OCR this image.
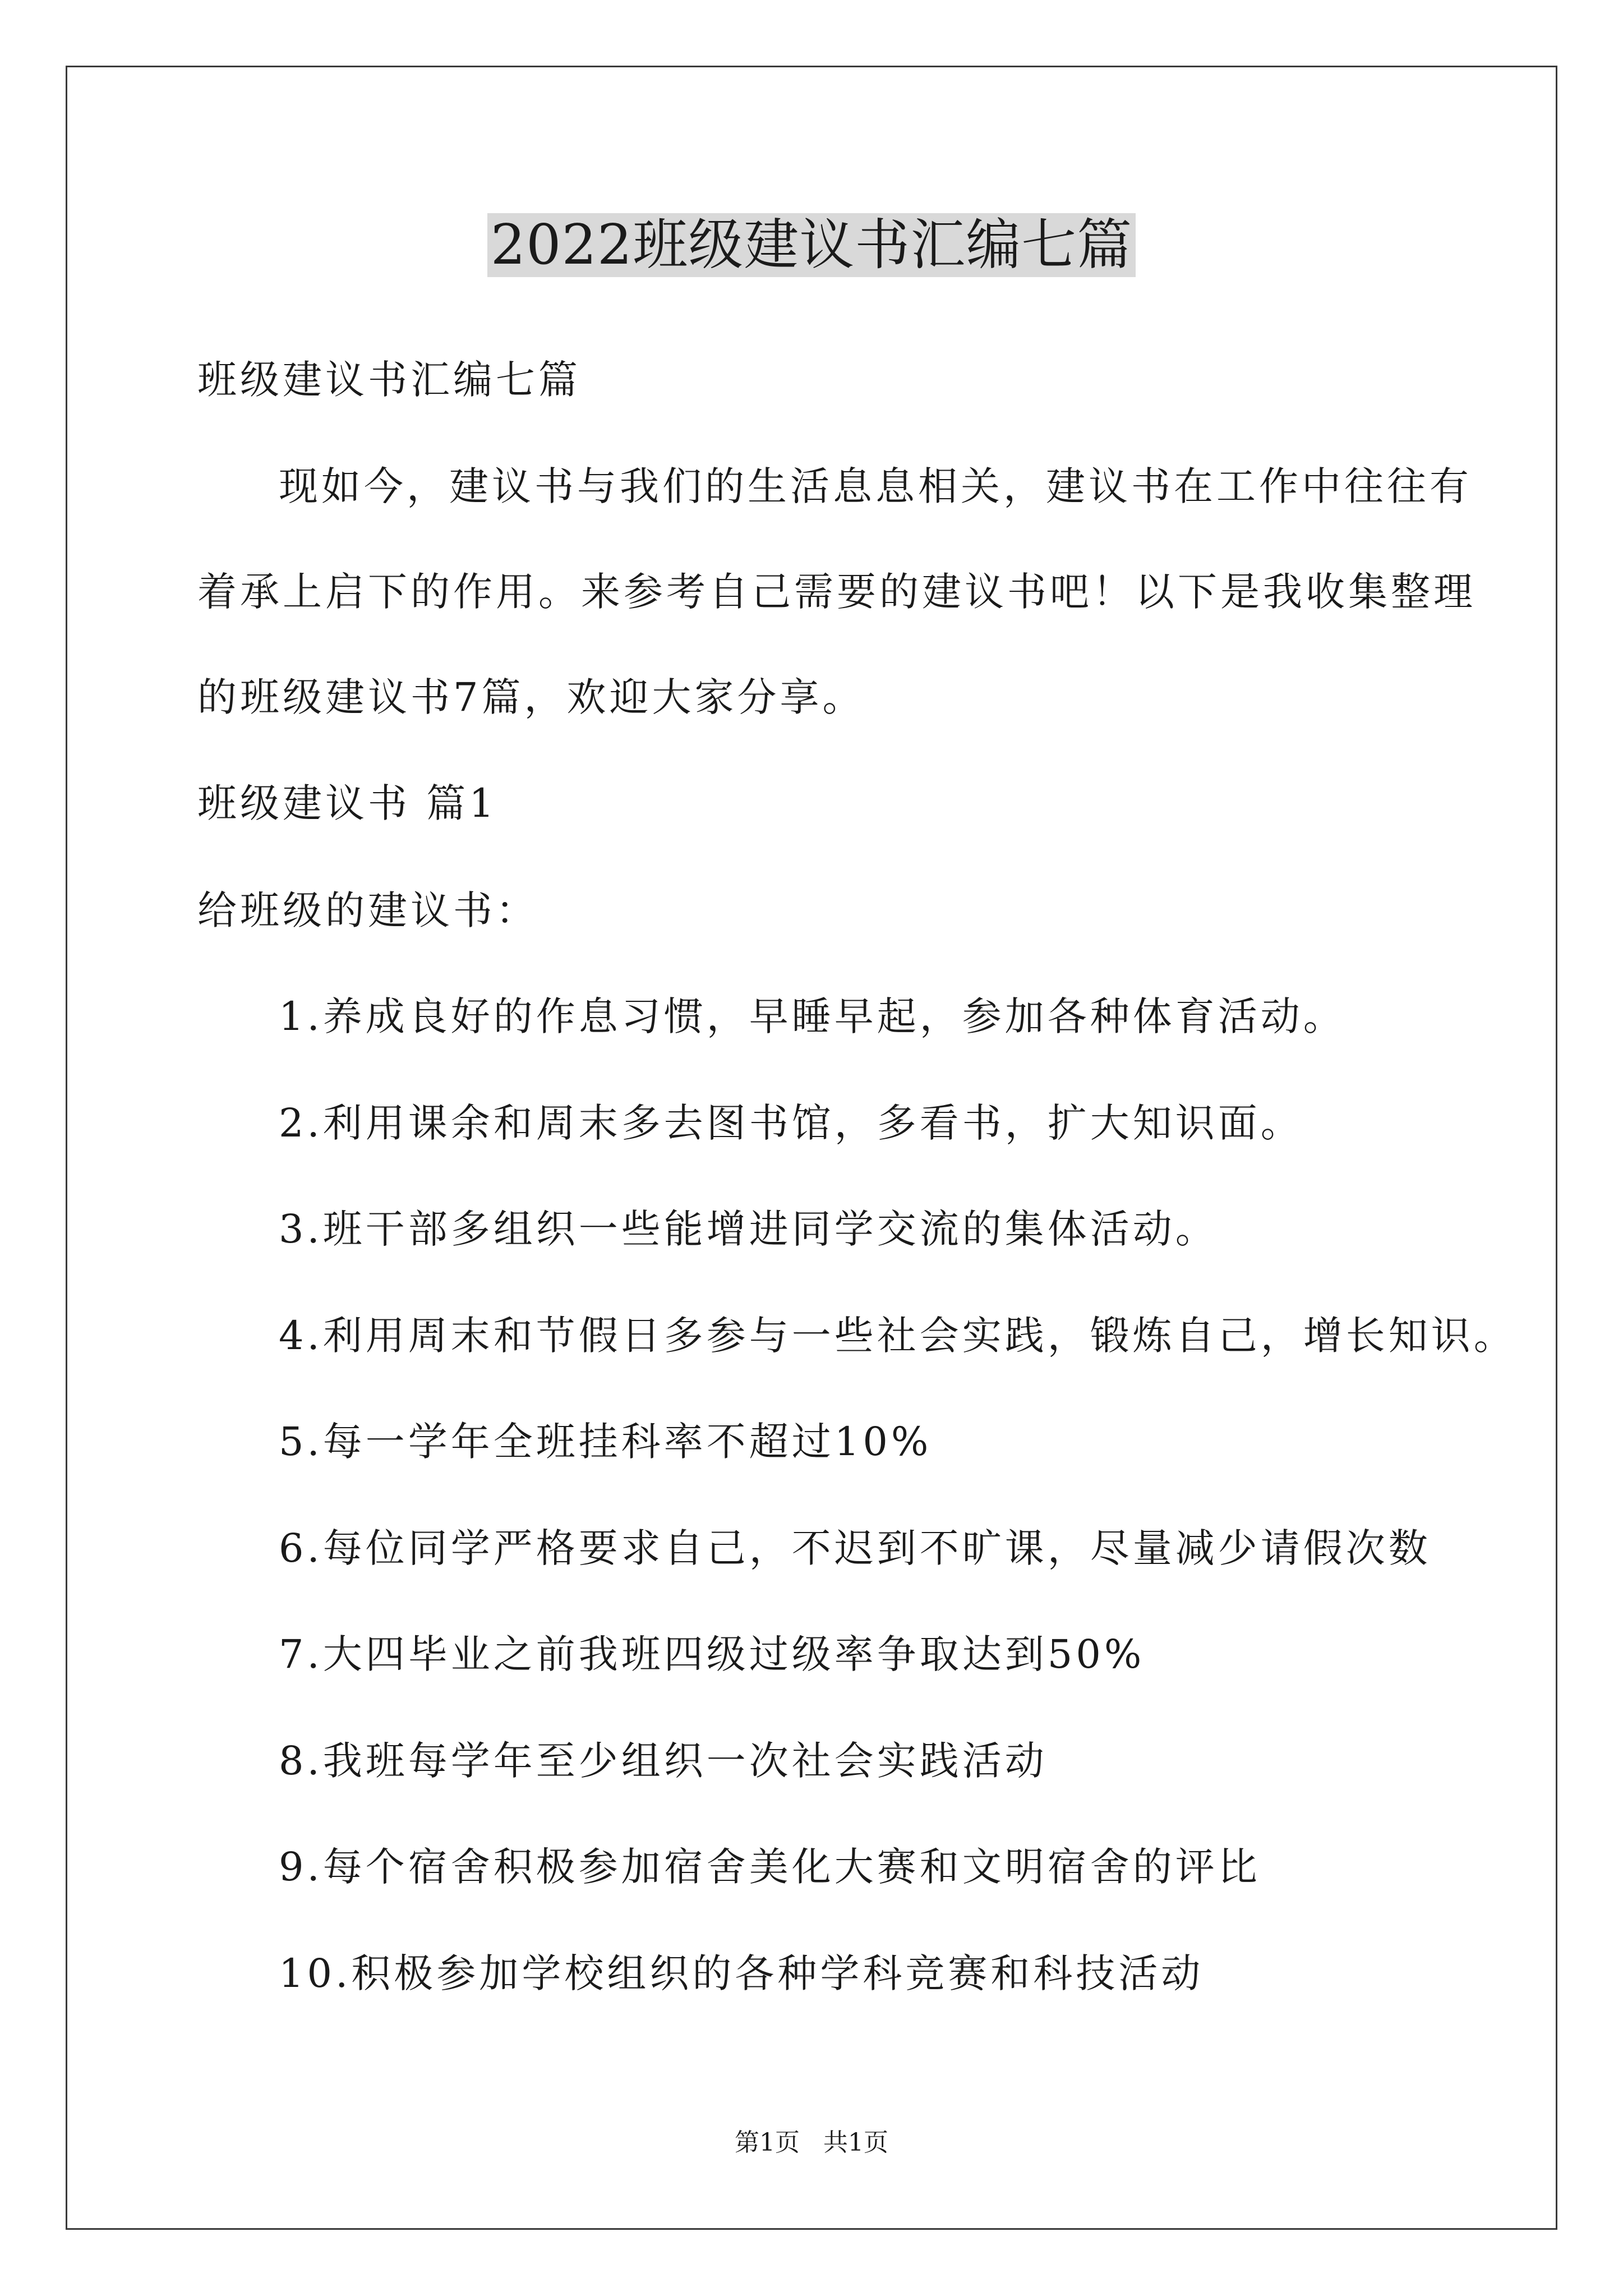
2022班级建议书汇编七篇
班级建议书汇编七篇
现如今，建议书与我们的生活息息相关，建议书在工作中往往有
着承上启下的作用。来参考自己需要的建议书吧！以下是我收集整理
的班级建议书7篇，欢迎大家分享。
班级建议书 篇1
给班级的建议书：
1.养成良好的作息习惯，早睡早起，参加各种体育活动。
2.利用课余和周末多去图书馆，多看书，扩大知识面。
3.班干部多组织一些能增进同学交流的集体活动。
4.利用周末和节假日多参与一些社会实践，锻炼自己，增长知识。
5.每一学年全班挂科率不超过10%
6.每位同学严格要求自己，不迟到不旷课，尽量减少请假次数
7.大四毕业之前我班四级过级率争取达到50%
8.我班每学年至少组织一次社会实践活动
9.每个宿舍积极参加宿舍美化大赛和文明宿舍的评比
10.积极参加学校组织的各种学科竞赛和科技活动
第1页   共1页
